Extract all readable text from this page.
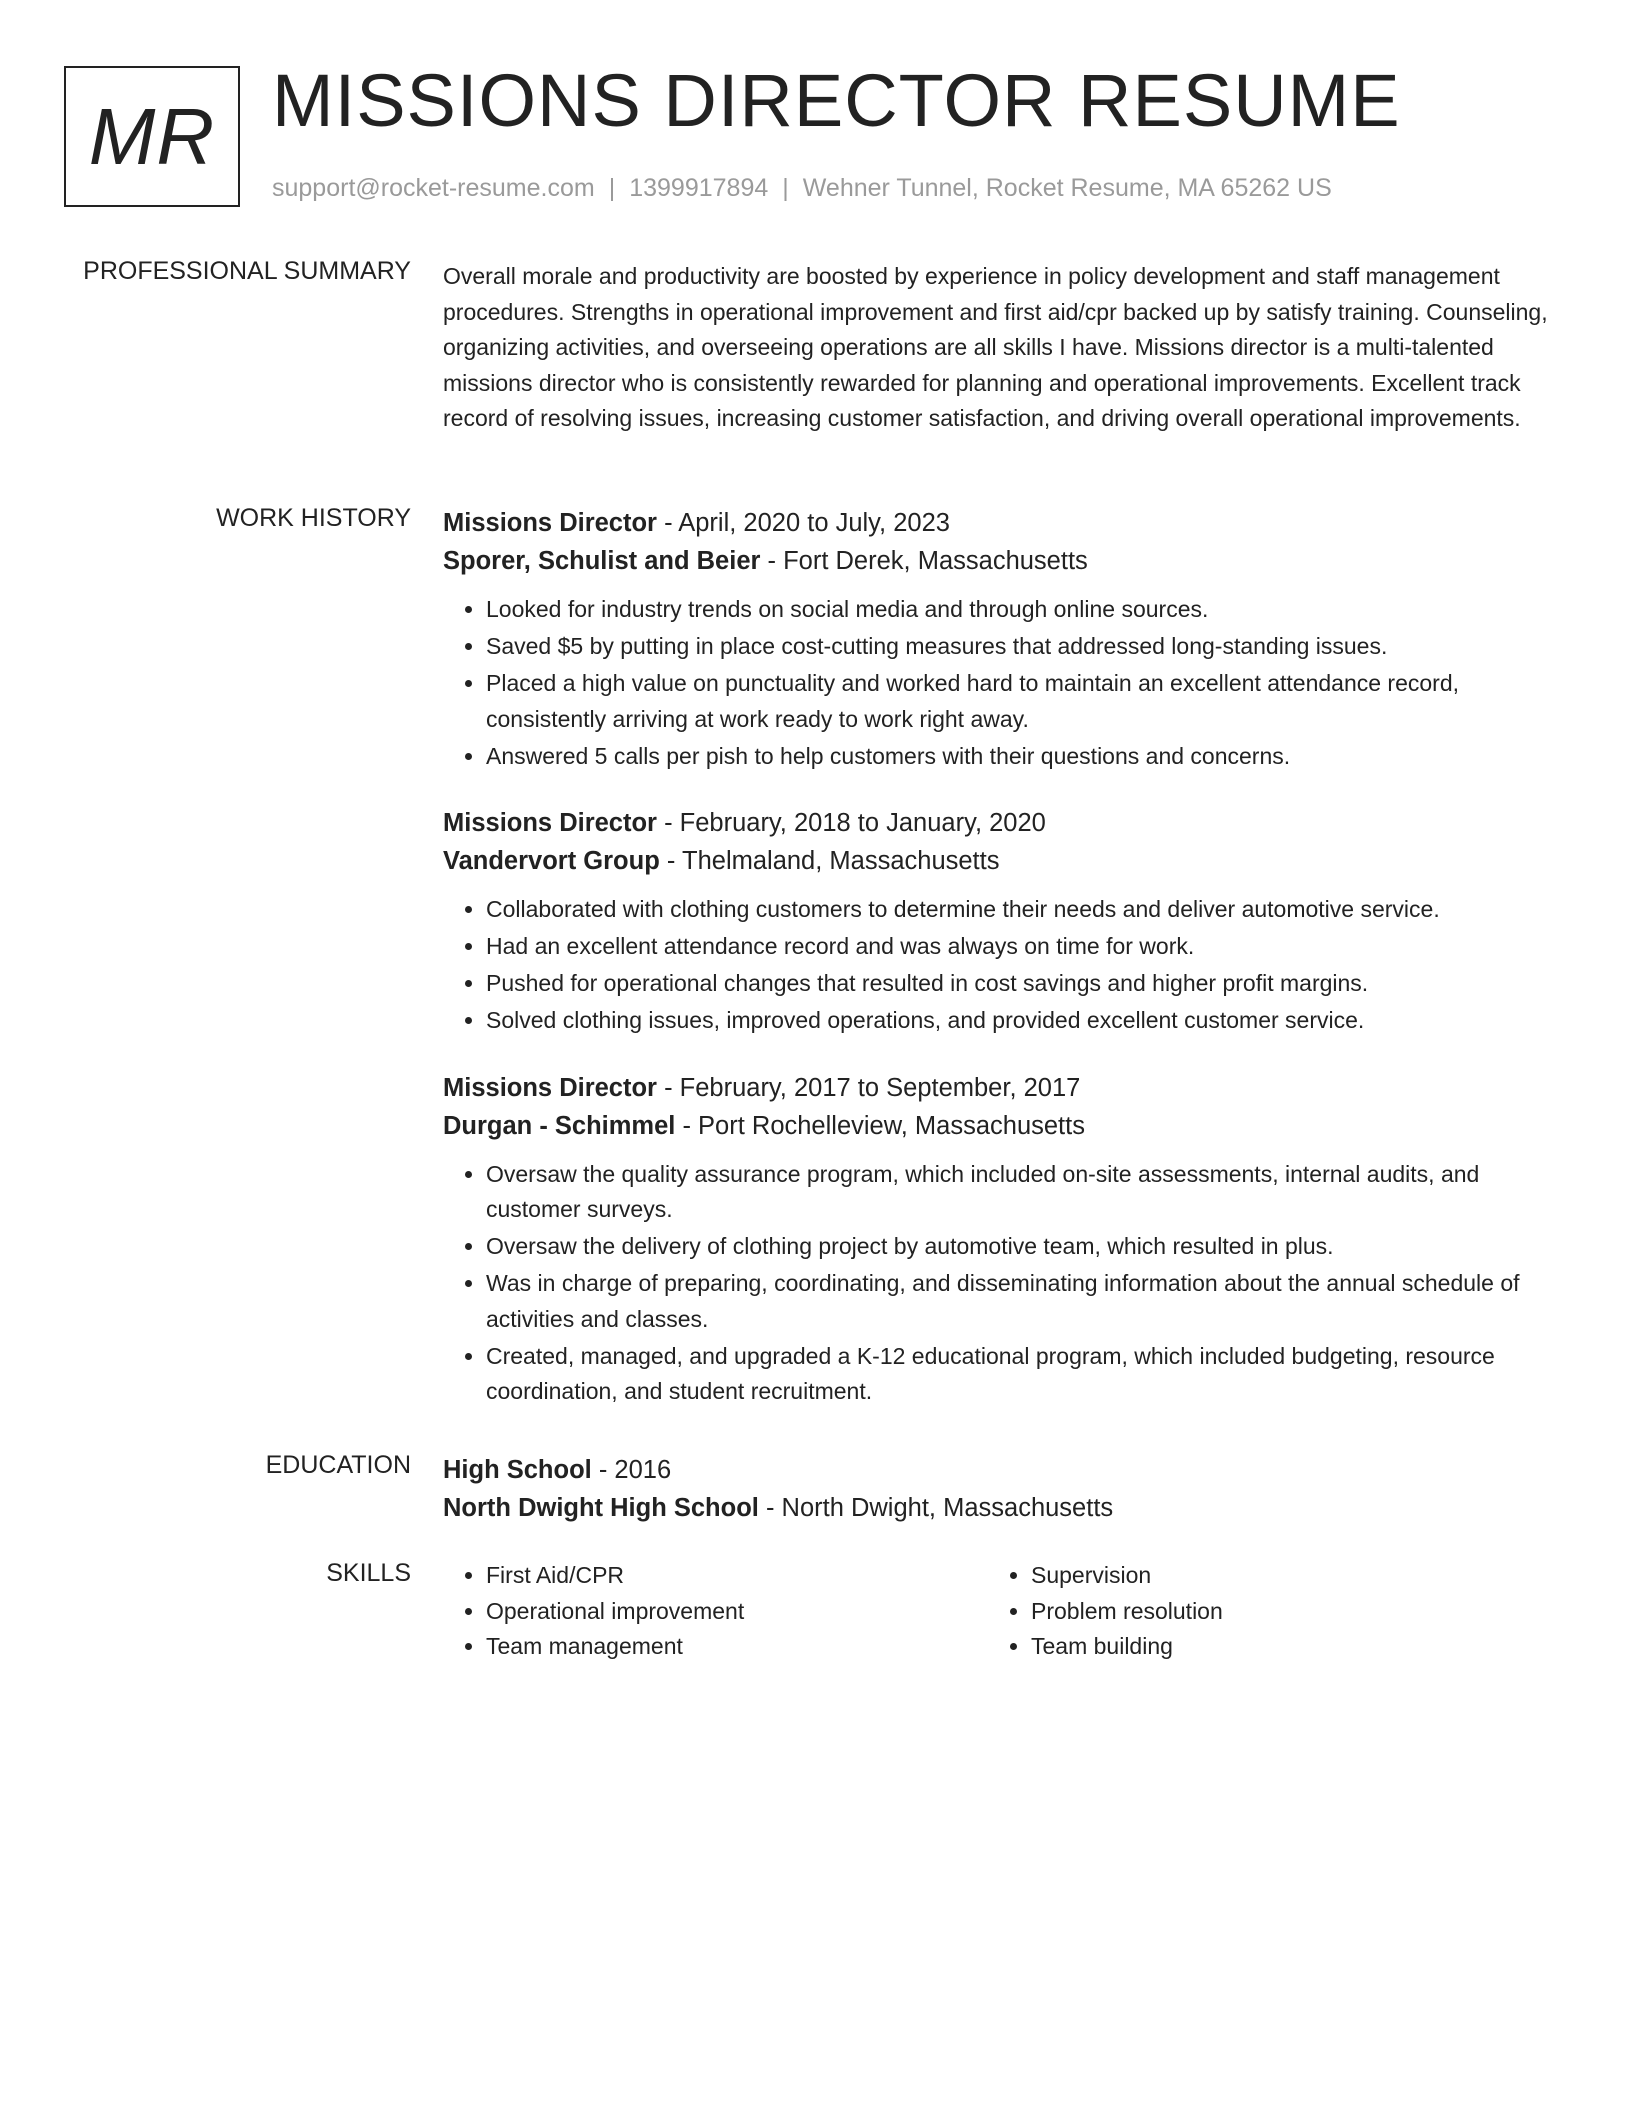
MR MISSIONS DIRECTOR RESUME
support@rocket-resume.com | 1399917894 | Wehner Tunnel, Rocket Resume, MA 65262 US
PROFESSIONAL SUMMARY Overall morale and productivity are boosted by experience in policy development and staff management procedures. Strengths in operational improvement and first aid/cpr backed up by satisfy training. Counseling, organizing activities, and overseeing operations are all skills I have. Missions director is a multi-talented missions director who is consistently rewarded for planning and operational improvements. Excellent track record of resolving issues, increasing customer satisfaction, and driving overall operational improvements.

WORK HISTORY Missions Director - April, 2020 to July, 2023
Sporer, Schulist and Beier - Fort Derek, Massachusetts
• Looked for industry trends on social media and through online sources.
• Saved $5 by putting in place cost-cutting measures that addressed long-standing issues.
• Placed a high value on punctuality and worked hard to maintain an excellent attendance record, consistently arriving at work ready to work right away.
• Answered 5 calls per pish to help customers with their questions and concerns.
Missions Director - February, 2018 to January, 2020
Vandervort Group - Thelmaland, Massachusetts
• Collaborated with clothing customers to determine their needs and deliver automotive service.
• Had an excellent attendance record and was always on time for work.
• Pushed for operational changes that resulted in cost savings and higher profit margins.
• Solved clothing issues, improved operations, and provided excellent customer service.
Missions Director - February, 2017 to September, 2017
Durgan - Schimmel - Port Rochelleview, Massachusetts
• Oversaw the quality assurance program, which included on-site assessments, internal audits, and customer surveys.
• Oversaw the delivery of clothing project by automotive team, which resulted in plus.
• Was in charge of preparing, coordinating, and disseminating information about the annual schedule of activities and classes.
• Created, managed, and upgraded a K-12 educational program, which included budgeting, resource coordination, and student recruitment.
EDUCATION High School - 2016
North Dwight High School - North Dwight, Massachusetts
SKILLS
•	First Aid/CPR
• Operational improvement
• Team management
• Supervision
• Problem resolution
• Team building
